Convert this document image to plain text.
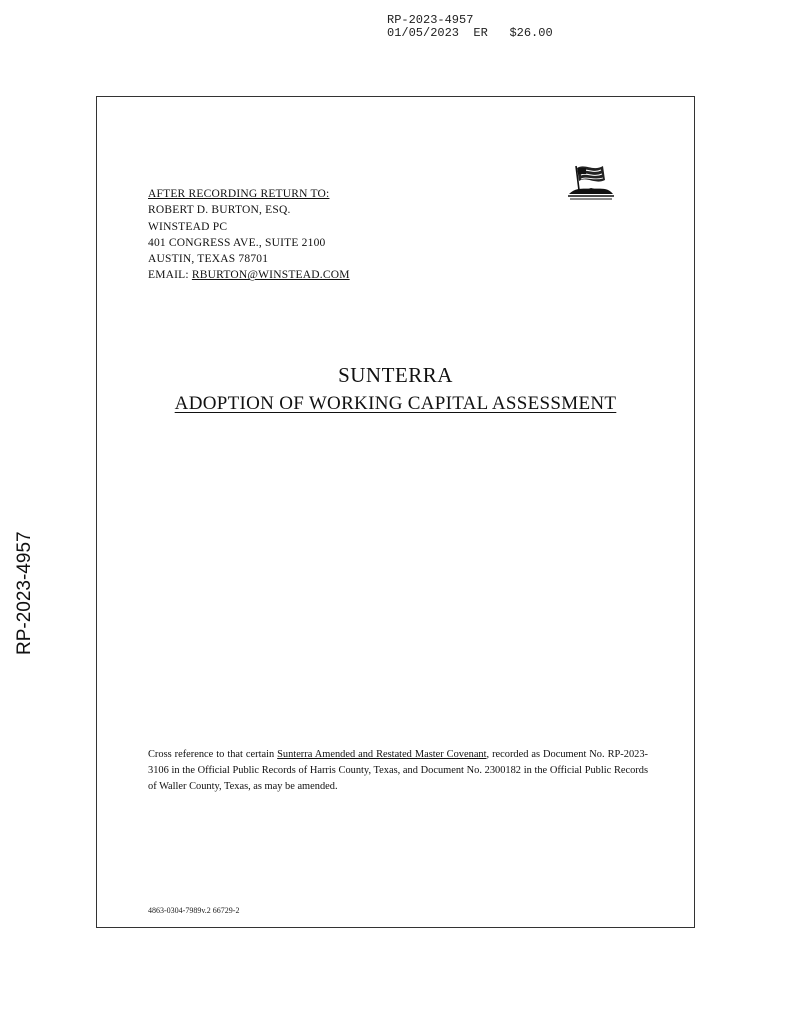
RP-2023-4957
01/05/2023 ER $26.00
RP-2023-4957
AFTER RECORDING RETURN TO:
ROBERT D. BURTON, ESQ.
WINSTEAD PC
401 CONGRESS AVE., SUITE 2100
AUSTIN, TEXAS 78701
EMAIL: RBURTON@WINSTEAD.COM
SUNTERRA
ADOPTION OF WORKING CAPITAL ASSESSMENT
Cross reference to that certain Sunterra Amended and Restated Master Covenant, recorded as Document No. RP-2023-3106 in the Official Public Records of Harris County, Texas, and Document No. 2300182 in the Official Public Records of Waller County, Texas, as may be amended.
4863-0304-7989v.2 66729-2
